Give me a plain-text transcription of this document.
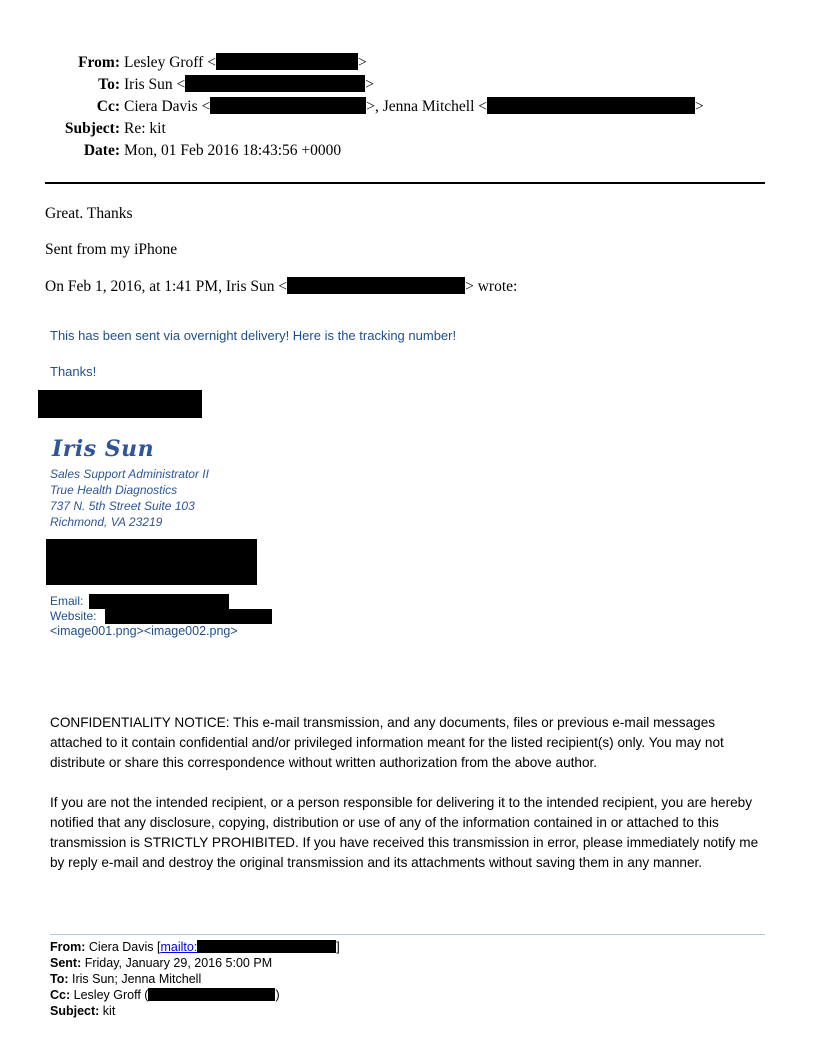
From: Lesley Groff <	>
To: Iris Sun <	>
Cc: Ciera Davis <	>, Jenna Mitchell <	>
Subject: Re: kit
Date: Mon, 01 Feb 2016 18:43:56 +0000
Great. Thanks
Sent from my iPhone
On Feb 1, 2016, at 1:41 PM, Iris Sun <	> wrote:
This has been sent via overnight delivery! Here is the tracking number!
Thanks!
Iris Sun
Sales Support Administrator II
True Health Diagnostics
737 N. 5th Street Suite 103
Richmond, VA 23219
Email:
Website:
<image001.png><image002.png>

CONFIDENTIALITY NOTICE: This e-mail transmission, and any documents, files or previous e-mail messages attached to it contain confidential and/or privileged information meant for the listed recipient(s) only. You may not distribute or share this correspondence without written authorization from the above author.

If you are not the intended recipient, or a person responsible for delivering it to the intended recipient, you are hereby notified that any disclosure, copying, distribution or use of any of the information contained in or attached to this transmission is STRICTLY PROHIBITED. If you have received this transmission in error, please immediately notify me by reply e-mail and destroy the original transmission and its attachments without saving them in any manner.

From: Ciera Davis [mailto:	]
Sent: Friday, January 29, 2016 5:00 PM
To: Iris Sun; Jenna Mitchell
Cc: Lesley Groff (	)
Subject: kit
